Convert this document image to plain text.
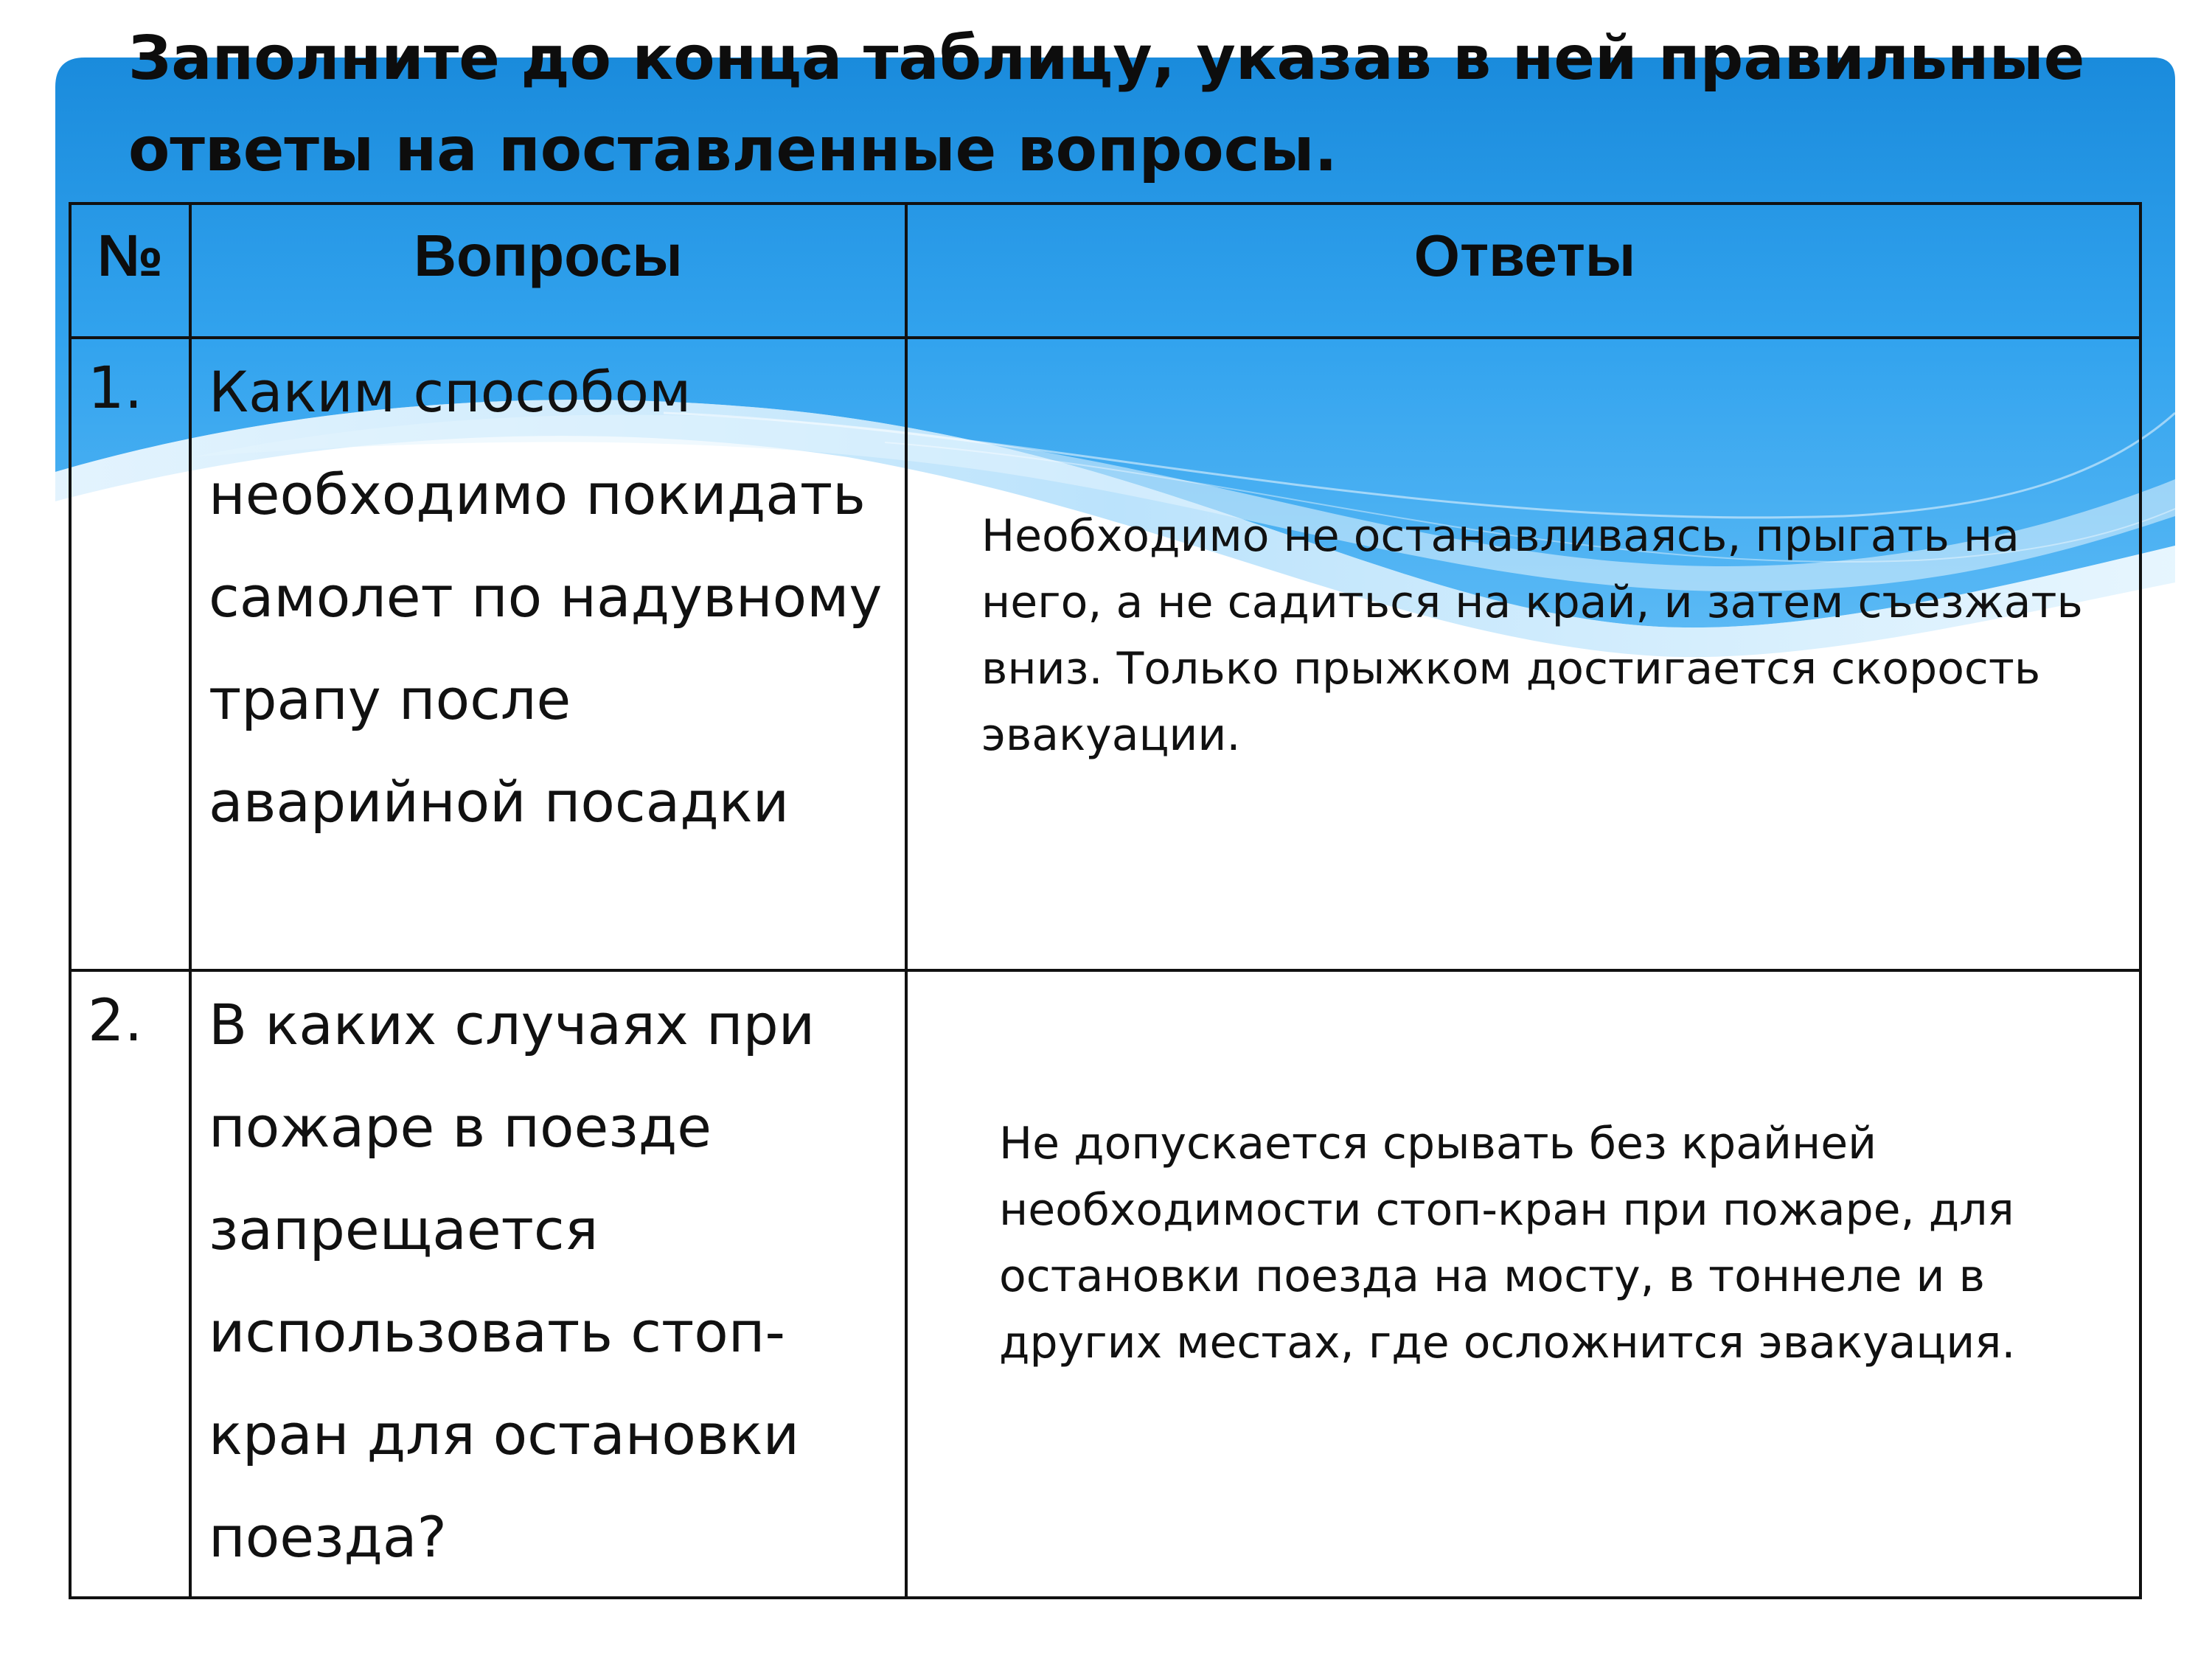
Заполните до конца таблицу, указав в ней правильные ответы на поставленные вопросы.
№	Вопросы	Ответы
1. Каким способом необходимо покидать самолет по надувному трапу после аварийной посадки
Необходимо не останавливаясь, прыгать на него, а не садиться на край, и затем съезжать вниз. Только прыжком достигается скорость эвакуации.
2. В каких случаях при пожаре в поезде запрещается использовать стоп-кран для остановки поезда?
Не допускается срывать без крайней необходимости стоп-кран при пожаре, для остановки поезда на мосту, в тоннеле и в других местах, где осложнится эвакуация.
